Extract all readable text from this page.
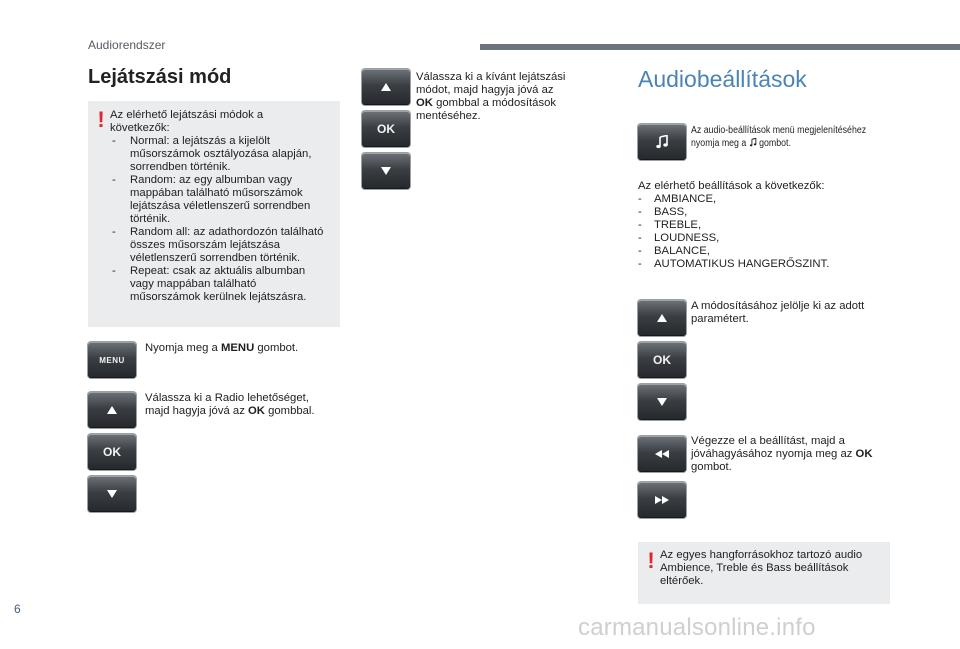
Audiorendszer
6
carmanualsonline.info
Lejátszási mód
! Az elérhető lejátszási módok a
következők:
- Normal: a lejátszás a kijelölt
műsorszámok osztályozása alapján,
sorrendben történik.
- Random: az egy albumban vagy
mappában található műsorszámok
lejátszása véletlenszerű sorrendben
történik.
- Random all: az adathordozón található
összes műsorszám lejátszása
véletlenszerű sorrendben történik.
- Repeat: csak az aktuális albumban
vagy mappában található
műsorszámok kerülnek lejátszásra.
MENU
Nyomja meg a MENU gombot.
OK
Válassza ki a Radio lehetőséget,
majd hagyja jóvá az OK gombbal.
OK
Válassza ki a kívánt lejátszási
módot, majd hagyja jóvá az
OK gombbal a módosítások
mentéséhez.
Audiobeállítások
Az audio-beállítások menü megjelenítéséhez
nyomja meg a  gombot.
Az elérhető beállítások a következők:
- AMBIANCE,
- BASS,
- TREBLE,
- LOUDNESS,
- BALANCE,
- AUTOMATIKUS HANGERŐSZINT.
OK
A módosításához jelölje ki az adott
paramétert.
Végezze el a beállítást, majd a
jóváhagyásához nyomja meg az OK
gombot.
! Az egyes hangforrásokhoz tartozó audio
Ambience, Treble és Bass beállítások
eltérőek.
